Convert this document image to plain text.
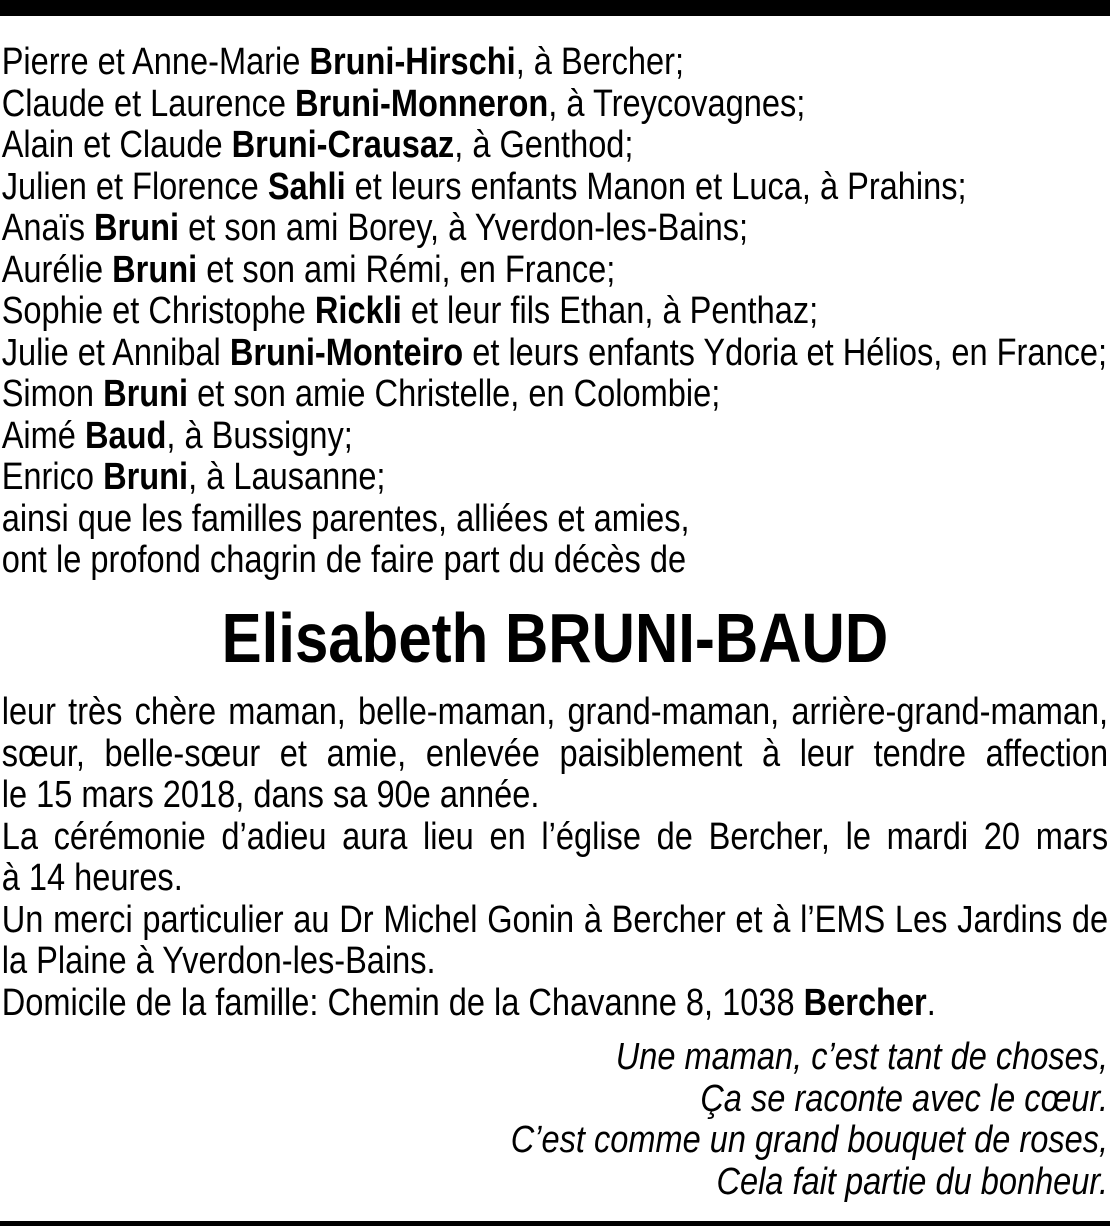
Pierre et Anne-Marie Bruni-Hirschi, à Bercher;
Claude et Laurence Bruni-Monneron, à Treycovagnes;
Alain et Claude Bruni-Crausaz, à Genthod;
Julien et Florence Sahli et leurs enfants Manon et Luca, à Prahins;
Anaïs Bruni et son ami Borey, à Yverdon-les-Bains;
Aurélie Bruni et son ami Rémi, en France;
Sophie et Christophe Rickli et leur fils Ethan, à Penthaz;
Julie et Annibal Bruni-Monteiro et leurs enfants Ydoria et Hélios, en France;
Simon Bruni et son amie Christelle, en Colombie;
Aimé Baud, à Bussigny;
Enrico Bruni, à Lausanne;
ainsi que les familles parentes, alliées et amies,
ont le profond chagrin de faire part du décès de
Elisabeth BRUNI-BAUD
leur très chère maman, belle-maman, grand-maman, arrière-grand-maman,
sœur, belle-sœur et amie, enlevée paisiblement à leur tendre affection
le 15 mars 2018, dans sa 90e année.
La cérémonie d’adieu aura lieu en l’église de Bercher, le mardi 20 mars
à 14 heures.
Un merci particulier au Dr Michel Gonin à Bercher et à l’EMS Les Jardins de
la Plaine à Yverdon-les-Bains.
Domicile de la famille: Chemin de la Chavanne 8, 1038 Bercher.
Une maman, c’est tant de choses,
Ça se raconte avec le cœur.
C’est comme un grand bouquet de roses,
Cela fait partie du bonheur.
